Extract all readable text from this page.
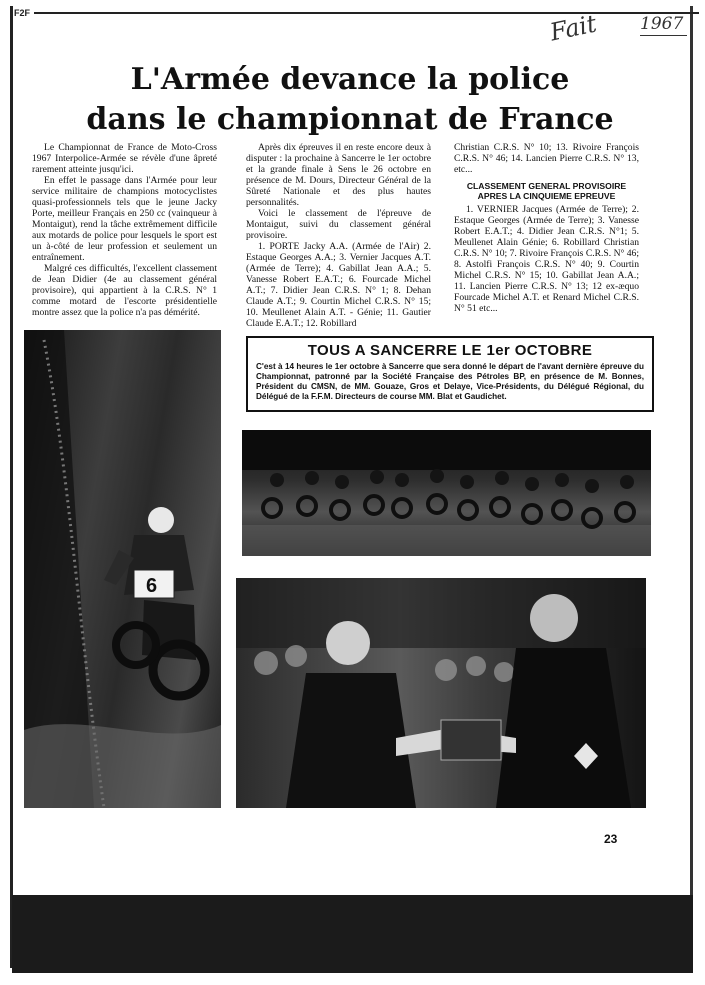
F2F	Fait 1967
L'Armée devance la police
dans le championnat de France

Le Championnat de France de Moto-Cross 1967 Interpolice-Armée se révèle d'une âpreté rarement atteinte jusqu'ici.

En effet le passage dans l'Armée pour leur service militaire de champions motocyclistes quasi-professionnels tels que le jeune Jacky Porte, meilleur Français en 250 cc (vainqueur à Montaigut), rend la tâche extrêmement difficile aux motards de police pour lesquels le sport est un à-côté de leur profession et seulement un entraînement.

Malgré ces difficultés, l'excellent classement de Jean Didier (4e au classement général provisoire), qui appartient à la C.R.S. N° 1 comme motard de l'escorte présidentielle montre assez que la police n'a pas démérité.

Après dix épreuves il en reste encore deux à disputer : la prochaine à Sancerre le 1er octobre et la grande finale à Sens le 26 octobre en présence de M. Dours, Directeur Général de la Sûreté Nationale et des plus hautes personnalités.

Voici le classement de l'épreuve de Montaigut, suivi du classement général provisoire.

1. PORTE Jacky A.A. (Armée de l'Air) 2. Estaque Georges A.A.; 3. Vernier Jacques A.T. (Armée de Terre); 4. Gabillat Jean A.A.; 5. Vanesse Robert E.A.T.; 6. Fourcade Michel A.T.; 7. Didier Jean C.R.S. N° 1; 8. Dehan Claude A.T.; 9. Courtin Michel C.R.S. N° 15; 10. Meullenet Alain A.T. - Génie; 11. Gautier Claude E.A.T.; 12. Robillard

Christian C.R.S. N° 10; 13. Rivoire François C.R.S. N° 46; 14. Lancien Pierre C.R.S. N° 13, etc...

CLASSEMENT GENERAL PROVISOIRE
APRES LA CINQUIEME EPREUVE

1. VERNIER Jacques (Armée de Terre); 2. Estaque Georges (Armée de Terre); 3. Vanesse Robert E.A.T.; 4. Didier Jean C.R.S. N°1; 5. Meullenet Alain Génie; 6. Robillard Christian C.R.S. N° 10; 7. Rivoire François C.R.S. N° 46; 8. Astolfi François C.R.S. N° 40; 9. Courtin Michel C.R.S. N° 15; 10. Gabillat Jean A.A.; 11. Lancien Pierre C.R.S. N° 13; 12 ex-æquo Fourcade Michel A.T. et Renard Michel C.R.S. N° 51 etc...

TOUS A SANCERRE LE 1er OCTOBRE

C'est à 14 heures le 1er octobre à Sancerre que sera donné le départ de l'avant dernière épreuve du Championnat, patronné par la Société Française des Pétroles BP, en présence de M. Bonnes, Président du CMSN, de MM. Gouaze, Gros et Delaye, Vice-Présidents, du Délégué Régional, du Délégué de la F.F.M. Directeurs de course MM. Blat et Gaudichet.

6

23
